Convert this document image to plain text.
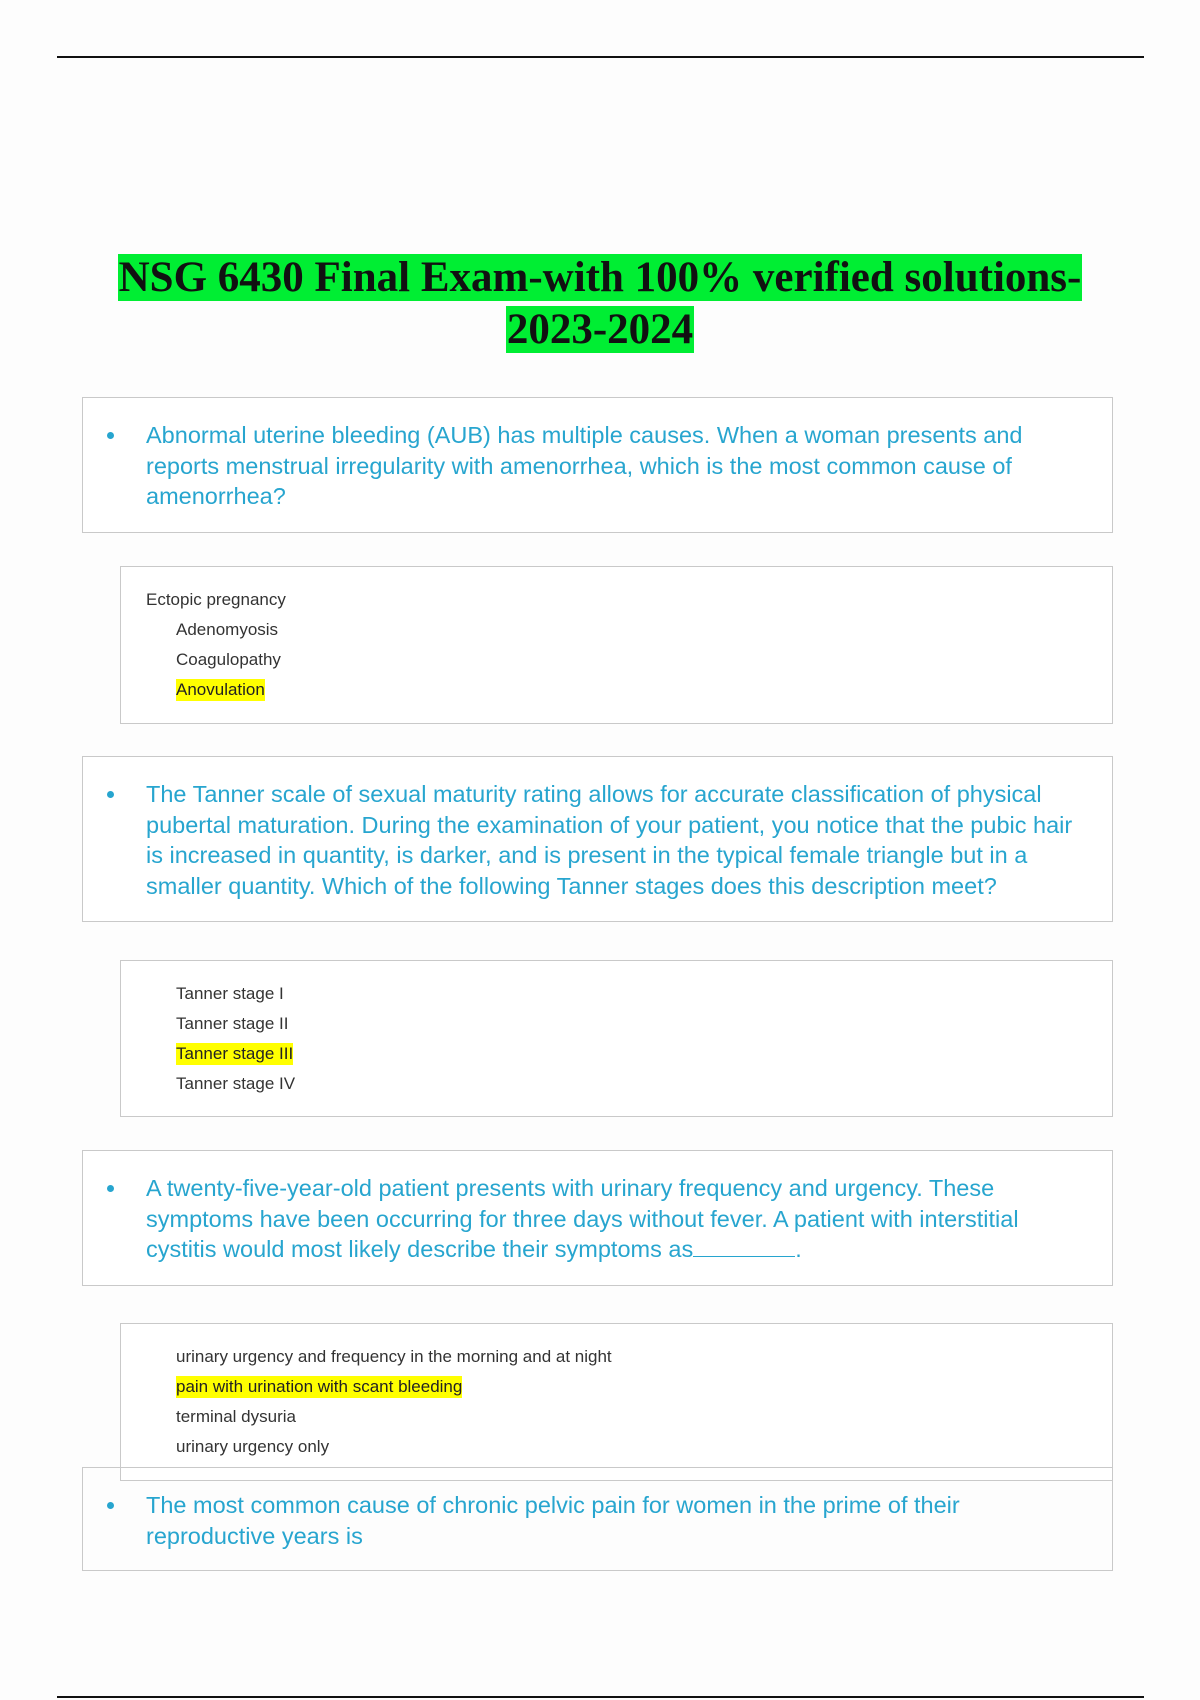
NSG 6430 Final Exam-with 100% verified solutions-
2023-2024
Abnormal uterine bleeding (AUB) has multiple causes. When a woman presents and reports menstrual irregularity with amenorrhea, which is the most common cause of amenorrhea?
Ectopic pregnancy
Adenomyosis
Coagulopathy
Anovulation
The Tanner scale of sexual maturity rating allows for accurate classification of physical pubertal maturation. During the examination of your patient, you notice that the pubic hair is increased in quantity, is darker, and is present in the typical female triangle but in a smaller quantity. Which of the following Tanner stages does this description meet?
Tanner stage I
Tanner stage II
Tanner stage III
Tanner stage IV
A twenty-five-year-old patient presents with urinary frequency and urgency. These symptoms have been occurring for three days without fever. A patient with interstitial cystitis would most likely describe their symptoms as	.
urinary urgency and frequency in the morning and at night
pain with urination with scant bleeding
terminal dysuria
urinary urgency only
The most common cause of chronic pelvic pain for women in the prime of their reproductive years is
